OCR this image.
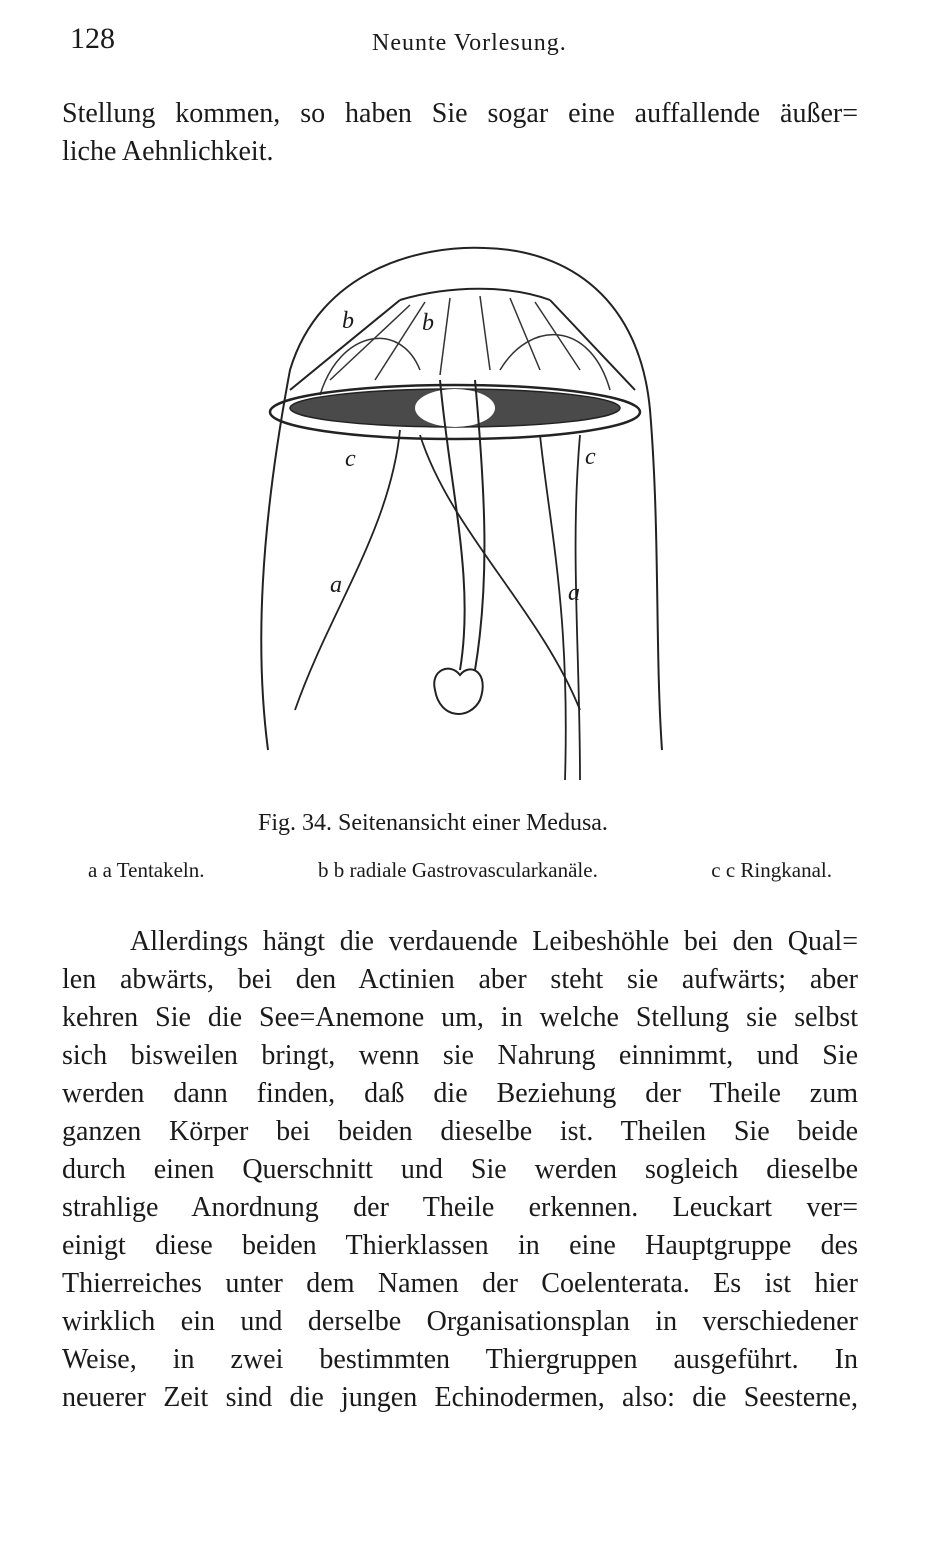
128	Neunte Vorlesung.
Stellung kommen, so haben Sie sogar eine auffallende äußer=
liche Aehnlichkeit.
b	b
c	c
a	a
Fig. 34. Seitenansicht einer Medusa.
a a Tentakeln.	b b radiale Gastrovascularkanäle.	c c Ringkanal.
Allerdings hängt die verdauende Leibeshöhle bei den Qual=
len abwärts, bei den Actinien aber steht sie aufwärts; aber
kehren Sie die See=Anemone um, in welche Stellung sie selbst
sich bisweilen bringt, wenn sie Nahrung einnimmt, und Sie
werden dann finden, daß die Beziehung der Theile zum
ganzen Körper bei beiden dieselbe ist. Theilen Sie beide
durch einen Querschnitt und Sie werden sogleich dieselbe
strahlige Anordnung der Theile erkennen. Leuckart ver=
einigt diese beiden Thierklassen in eine Hauptgruppe des
Thierreiches unter dem Namen der Coelenterata. Es ist hier
wirklich ein und derselbe Organisationsplan in verschiedener
Weise, in zwei bestimmten Thiergruppen ausgeführt. In
neuerer Zeit sind die jungen Echinodermen, also: die Seesterne,
